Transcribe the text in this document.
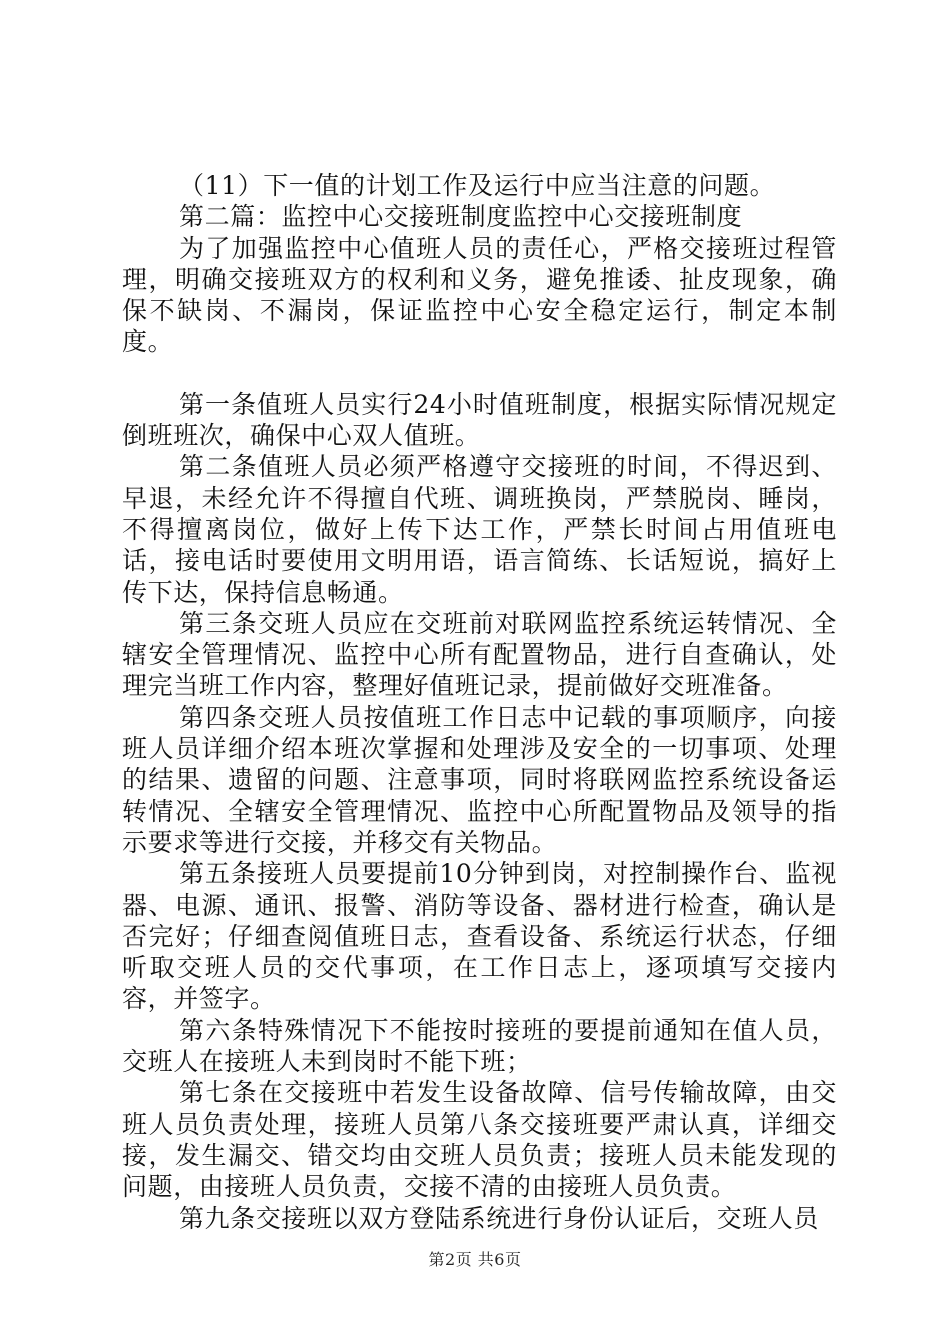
（11）下一值的计划工作及运行中应当注意的问题。

第二篇：监控中心交接班制度监控中心交接班制度

为了加强监控中心值班人员的责任心，严格交接班过程管理，明确交接班双方的权利和义务，避免推诿、扯皮现象，确保不缺岗、不漏岗，保证监控中心安全稳定运行，制定本制度。

第一条值班人员实行24小时值班制度，根据实际情况规定倒班班次，确保中心双人值班。

第二条值班人员必须严格遵守交接班的时间，不得迟到、早退，未经允许不得擅自代班、调班换岗，严禁脱岗、睡岗，不得擅离岗位，做好上传下达工作，严禁长时间占用值班电话，接电话时要使用文明用语，语言简练、长话短说，搞好上传下达，保持信息畅通。

第三条交班人员应在交班前对联网监控系统运转情况、全辖安全管理情况、监控中心所有配置物品，进行自查确认，处理完当班工作内容，整理好值班记录，提前做好交班准备。

第四条交班人员按值班工作日志中记载的事项顺序，向接班人员详细介绍本班次掌握和处理涉及安全的一切事项、处理的结果、遗留的问题、注意事项，同时将联网监控系统设备运转情况、全辖安全管理情况、监控中心所配置物品及领导的指示要求等进行交接，并移交有关物品。

第五条接班人员要提前10分钟到岗，对控制操作台、监视器、电源、通讯、报警、消防等设备、器材进行检查，确认是否完好；仔细查阅值班日志，查看设备、系统运行状态，仔细听取交班人员的交代事项，在工作日志上，逐项填写交接内容，并签字。

第六条特殊情况下不能按时接班的要提前通知在值人员，交班人在接班人未到岗时不能下班；

第七条在交接班中若发生设备故障、信号传输故障，由交班人员负责处理，接班人员第八条交接班要严肃认真，详细交接，发生漏交、错交均由交班人员负责；接班人员未能发现的问题，由接班人员负责，交接不清的由接班人员负责。

第九条交接班以双方登陆系统进行身份认证后，交班人员

第2页 共6页
